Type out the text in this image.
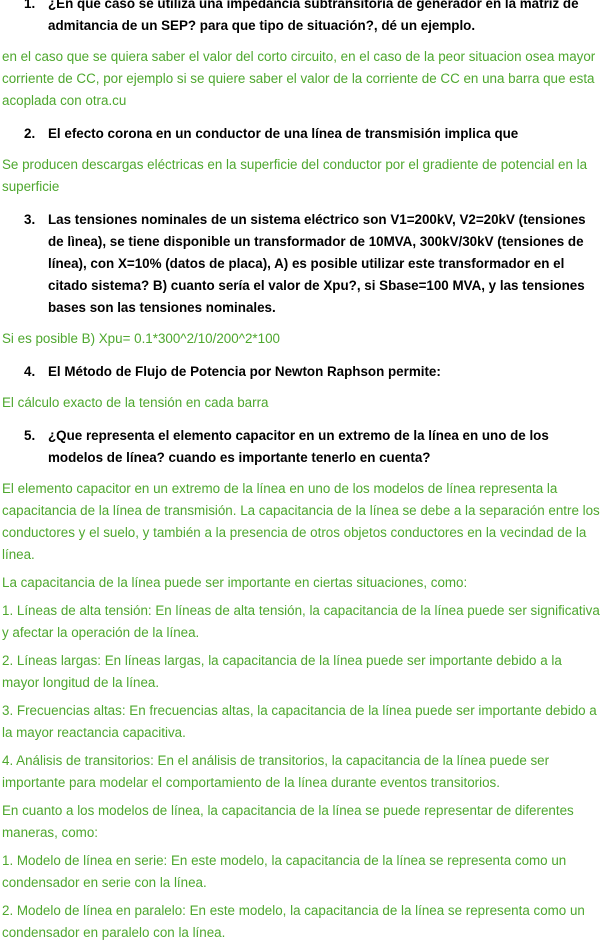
1. ¿En que caso se utiliza una impedancia subtransitoria de generador en la matriz de admitancia de un SEP? para que tipo de situación?, dé un ejemplo.

en el caso que se quiera saber el valor del corto circuito, en el caso de la peor situacion osea mayor corriente de CC, por ejemplo si se quiere saber el valor de la corriente de CC en una barra que esta acoplada con otra.cu

2. El efecto corona en un conductor de una línea de transmisión implica que

Se producen descargas eléctricas en la superficie del conductor por el gradiente de potencial en la superficie

3. Las tensiones nominales de un sistema eléctrico son V1=200kV, V2=20kV (tensiones de lìnea), se tiene disponible un transformador de 10MVA, 300kV/30kV (tensiones de línea), con X=10% (datos de placa), A) es posible utilizar este transformador en el citado sistema? B) cuanto sería el valor de Xpu?, si Sbase=100 MVA, y las tensiones bases son las tensiones nominales.

Si es posible B) Xpu= 0.1*300^2/10/200^2*100

4. El Método de Flujo de Potencia por Newton Raphson permite:

El cálculo exacto de la tensión en cada barra

5. ¿Que representa el elemento capacitor en un extremo de la línea en uno de los modelos de línea? cuando es importante tenerlo en cuenta?

El elemento capacitor en un extremo de la línea en uno de los modelos de línea representa la capacitancia de la línea de transmisión. La capacitancia de la línea se debe a la separación entre los conductores y el suelo, y también a la presencia de otros objetos conductores en la vecindad de la línea.

La capacitancia de la línea puede ser importante en ciertas situaciones, como:

1. Líneas de alta tensión: En líneas de alta tensión, la capacitancia de la línea puede ser significativa y afectar la operación de la línea.

2. Líneas largas: En líneas largas, la capacitancia de la línea puede ser importante debido a la mayor longitud de la línea.

3. Frecuencias altas: En frecuencias altas, la capacitancia de la línea puede ser importante debido a la mayor reactancia capacitiva.

4. Análisis de transitorios: En el análisis de transitorios, la capacitancia de la línea puede ser importante para modelar el comportamiento de la línea durante eventos transitorios.

En cuanto a los modelos de línea, la capacitancia de la línea se puede representar de diferentes maneras, como:

1. Modelo de línea en serie: En este modelo, la capacitancia de la línea se representa como un condensador en serie con la línea.

2. Modelo de línea en paralelo: En este modelo, la capacitancia de la línea se representa como un condensador en paralelo con la línea.
